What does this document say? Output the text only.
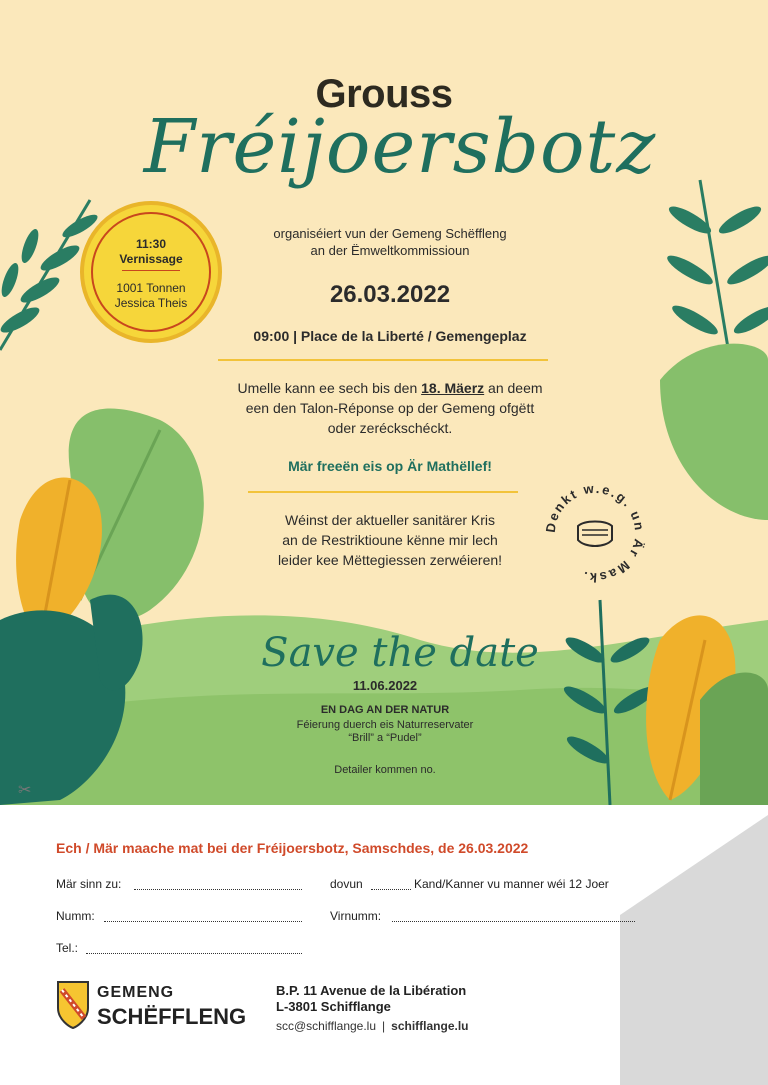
Grouss
Fréijoersbotz
11:30
Vernissage
1001 Tonnen
Jessica Theis
organiséiert vun der Gemeng Schëffleng
an der Ëmweltkommissioun
26.03.2022
09:00 | Place de la Liberté / Gemengeplaz
Umelle kann ee sech bis den 18. Mäerz an deem
een den Talon-Réponse op der Gemeng ofgëtt
oder zeréckschéckt.
Mär freeën eis op Är Mathëllef!
Wéinst der aktueller sanitärer Kris
an de Restriktioune kënne mir lech
leider kee Mëttegiessen zerwéieren!
Denkt w.e.g. un Är Mask.
Save the date
11.06.2022
EN DAG AN DER NATUR
Féierung duerch eis Naturreservater
“Brill” a “Pudel”
Detailer kommen no.
✂
Ech / Mär maache mat bei der Fréijoersbotz, Samschdes, de 26.03.2022
Mär sinn zu:	dovun	Kand/Kanner vu manner wéi 12 Joer
Numm:	Virnumm:
Tel.:
GEMENG
SCHËFFLENG
B.P. 11 Avenue de la Libération
L-3801 Schifflange
scc@schifflange.lu | schifflange.lu
